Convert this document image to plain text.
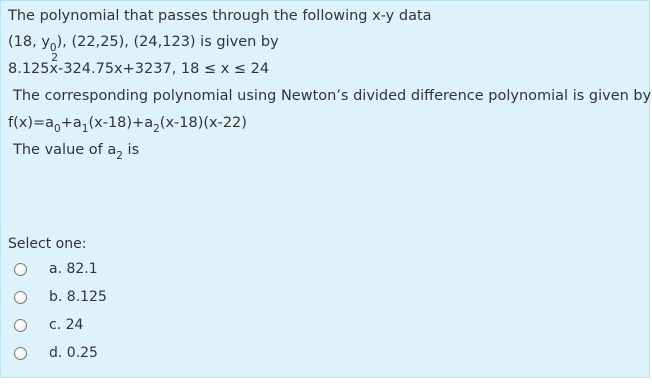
The polynomial that passes through the following x-y data
(18, $y_0$), (22,25), (24,123) is given by
8.125x
2
-324.75x+3237, 18 ≤ x ≤ 24
The corresponding polynomial using Newton’s divided difference polynomial is given by
$f(x)=a_0+a_1(x-18)+a_2(x-18)(x-22)$
The value of $a_2$ is
Select one:
a. 82.1
b. 8.125
c. 24
d. 0.25
